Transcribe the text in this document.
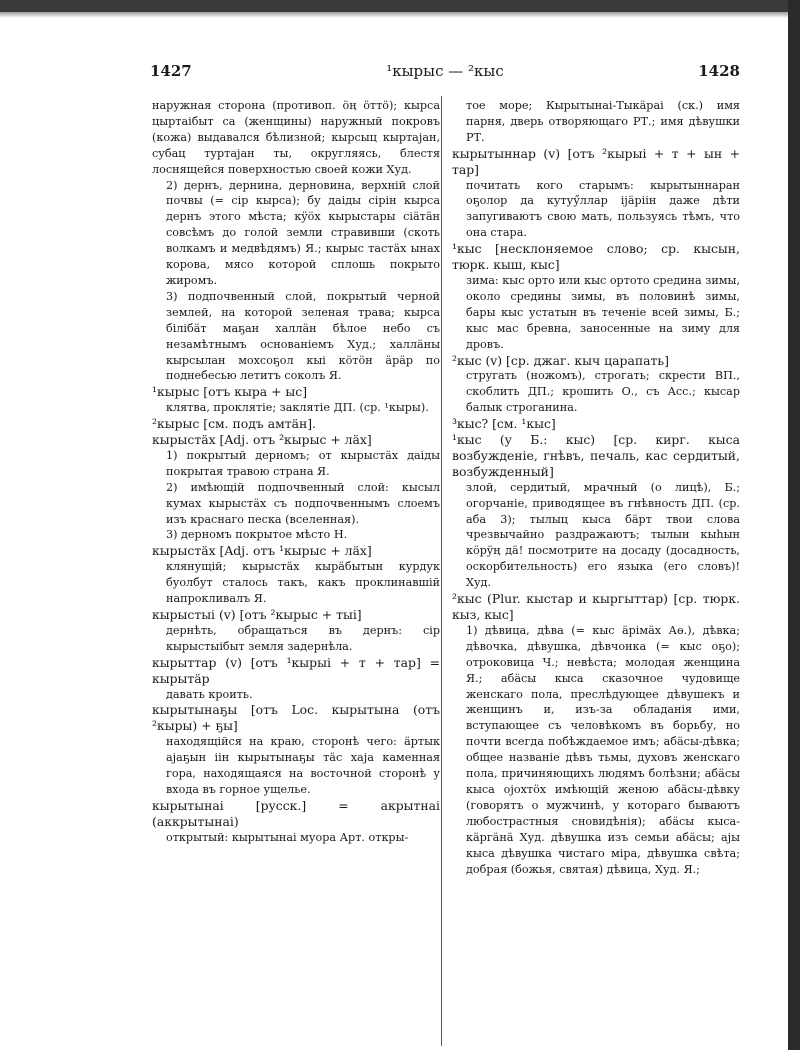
1427	¹кырыс — ²кыс	1428

наружная сторона (противоп. öң öттö); кырса цыртаібыт са (женщины) наружный покровъ (кожа) выдавался бѣлизной; кырсыц кыртаjан, субац туртаjан ты, округляясь, блестя лоснящейся поверхностью своей кожи Худ.

2) дернъ, дернина, дерновина, верхній слой почвы (= сір кырса); бу даіды сірін кырса дернъ этого мѣста; кÿöх кырыстары сіäтäн совсѣмъ до голой земли стравивши (скоть волкамъ и медвѣдямъ) Я.; кырыс тастäх ынах корова, мясо которой сплошь покрыто жиромъ.

3) подпочвенный слой, покрытый черной землей, на которой зеленая трава; кырса білібäт маҕан халлäн бѣлое небо съ незамѣтнымъ основаніемъ Худ.; халлäны кырсылан мохсоҕол кыі кöтöн äрäр по поднебесью летитъ соколъ Я.

¹кырыс [отъ кыра + ыс]

клятва, проклятіе; заклятіе ДП. (ср. ¹кыры).

²кырыс [см. подъ амтäн].

кырыстäх [Adj. отъ ²кырыс + лäх]

1) покрытый дерномъ; от кырыстäх даіды покрытая травою страна Я.

2) имѣющій подпочвенный слой: кысыл кумах кырыстäх съ подпочвеннымъ слоемъ изъ краснаго песка (вселенная).

3) дерномъ покрытое мѣсто Н.

кырыстäх [Adj. отъ ¹кырыс + лäх]

клянущій; кырыстäх кырäбытын курдук буолбут сталось такъ, какъ проклинавшій напрокливалъ Я.

кырыстыі (v) [отъ ²кырыс + тыі]

дернѣть, обращаться въ дернъ: сір кырыстыібыт земля задернѣла.

кырыттар (v) [отъ ¹кырыі + т + тар] = кырытäр

давать кроить.

кырытынаҕы [отъ Loc. кырытына (отъ ²кыры) + ҕы]

находящійся на краю, сторонѣ чего: äртык аjаҕын іін кырытынаҕы тäс хаjа каменная гора, находящаяся на восточной сторонѣ у входа въ горное ущелье.

кырытынаі [русск.] = акрытнаі (аккрытынаі)

открытый: кырытынаі муора Арт. откры-

тое море; Кырытынаі-Тыкäраі (ск.) имя парня, дверь отворяющаго РТ.; имя дѣвушки РТ.

кырытыннар (v) [отъ ²кырыі + т + ын + тар]

почитать кого старымъ: кырытыннаран оҕолор да кутуӳллар іjäріін даже дѣти запугиваютъ свою мать, пользуясь тѣмъ, что она стара.

¹кыс [несклоняемое слово; ср. кысын, тюрк. кыш, кыс]

зима: кыс орто или кыс ортото средина зимы, около средины зимы, въ половинѣ зимы, бары кыс устатын въ теченіе всей зимы, Б.; кыс мас бревна, заносенные на зиму для дровъ.

²кыс (v) [ср. джаг. кыч царапать]

стругать (ножомъ), строгать; скрести ВП., скоблить ДП.; крошить О., съ Acc.; кысар балык строганина.

³кыс? [см. ¹кыс]

¹кыс (у Б.: кыс) [ср. кирг. кыса возбужденіе, гнѣвъ, печаль, кас сердитый, возбужденный]

злой, сердитый, мрачный (о лицѣ), Б.; огорчаніе, приводящее въ гнѣвность ДП. (ср. аба 3); тылыц кыса бäрт твои слова чрезвычайно раздражаютъ; тылын кыһын кöрÿң дä! посмотрите на досаду (досадность, оскорбительность) его языка (его словъ)! Худ.

²кыс (Plur. кыстар и кыргыттар) [ср. тюрк. кыз, кыс]

1) дѣвица, дѣва (= кыс äрімäх Аө.), дѣвка; дѣвочка, дѣвушка, дѣвчонка (= кыс оҕо); отроковица Ч.; невѣста; молодая женщина Я.; абäсы кыса сказочное чудовище женскаго пола, преслѣдующее дѣвушекъ и женщинъ и, изъ-за обладанія ими, вступающее съ человѣкомъ въ борьбу, но почти всегда побѣждаемое имъ; абäсы-дѣвка; общее названіе дѣвъ тьмы, духовъ женскаго пола, причиняющихъ людямъ болѣзни; абäсы кыса оjохтöх имѣющій женою абäсы-дѣвку (говорятъ о мужчинѣ, у котораго бываютъ любострастныя сновидѣнія); абäсы кыса-кäргäнä Худ. дѣвушка изъ семьи абäсы; аjы кыса дѣвушка чистаго міра, дѣвушка свѣта; добрая (божья, святая) дѣвица, Худ. Я.;
